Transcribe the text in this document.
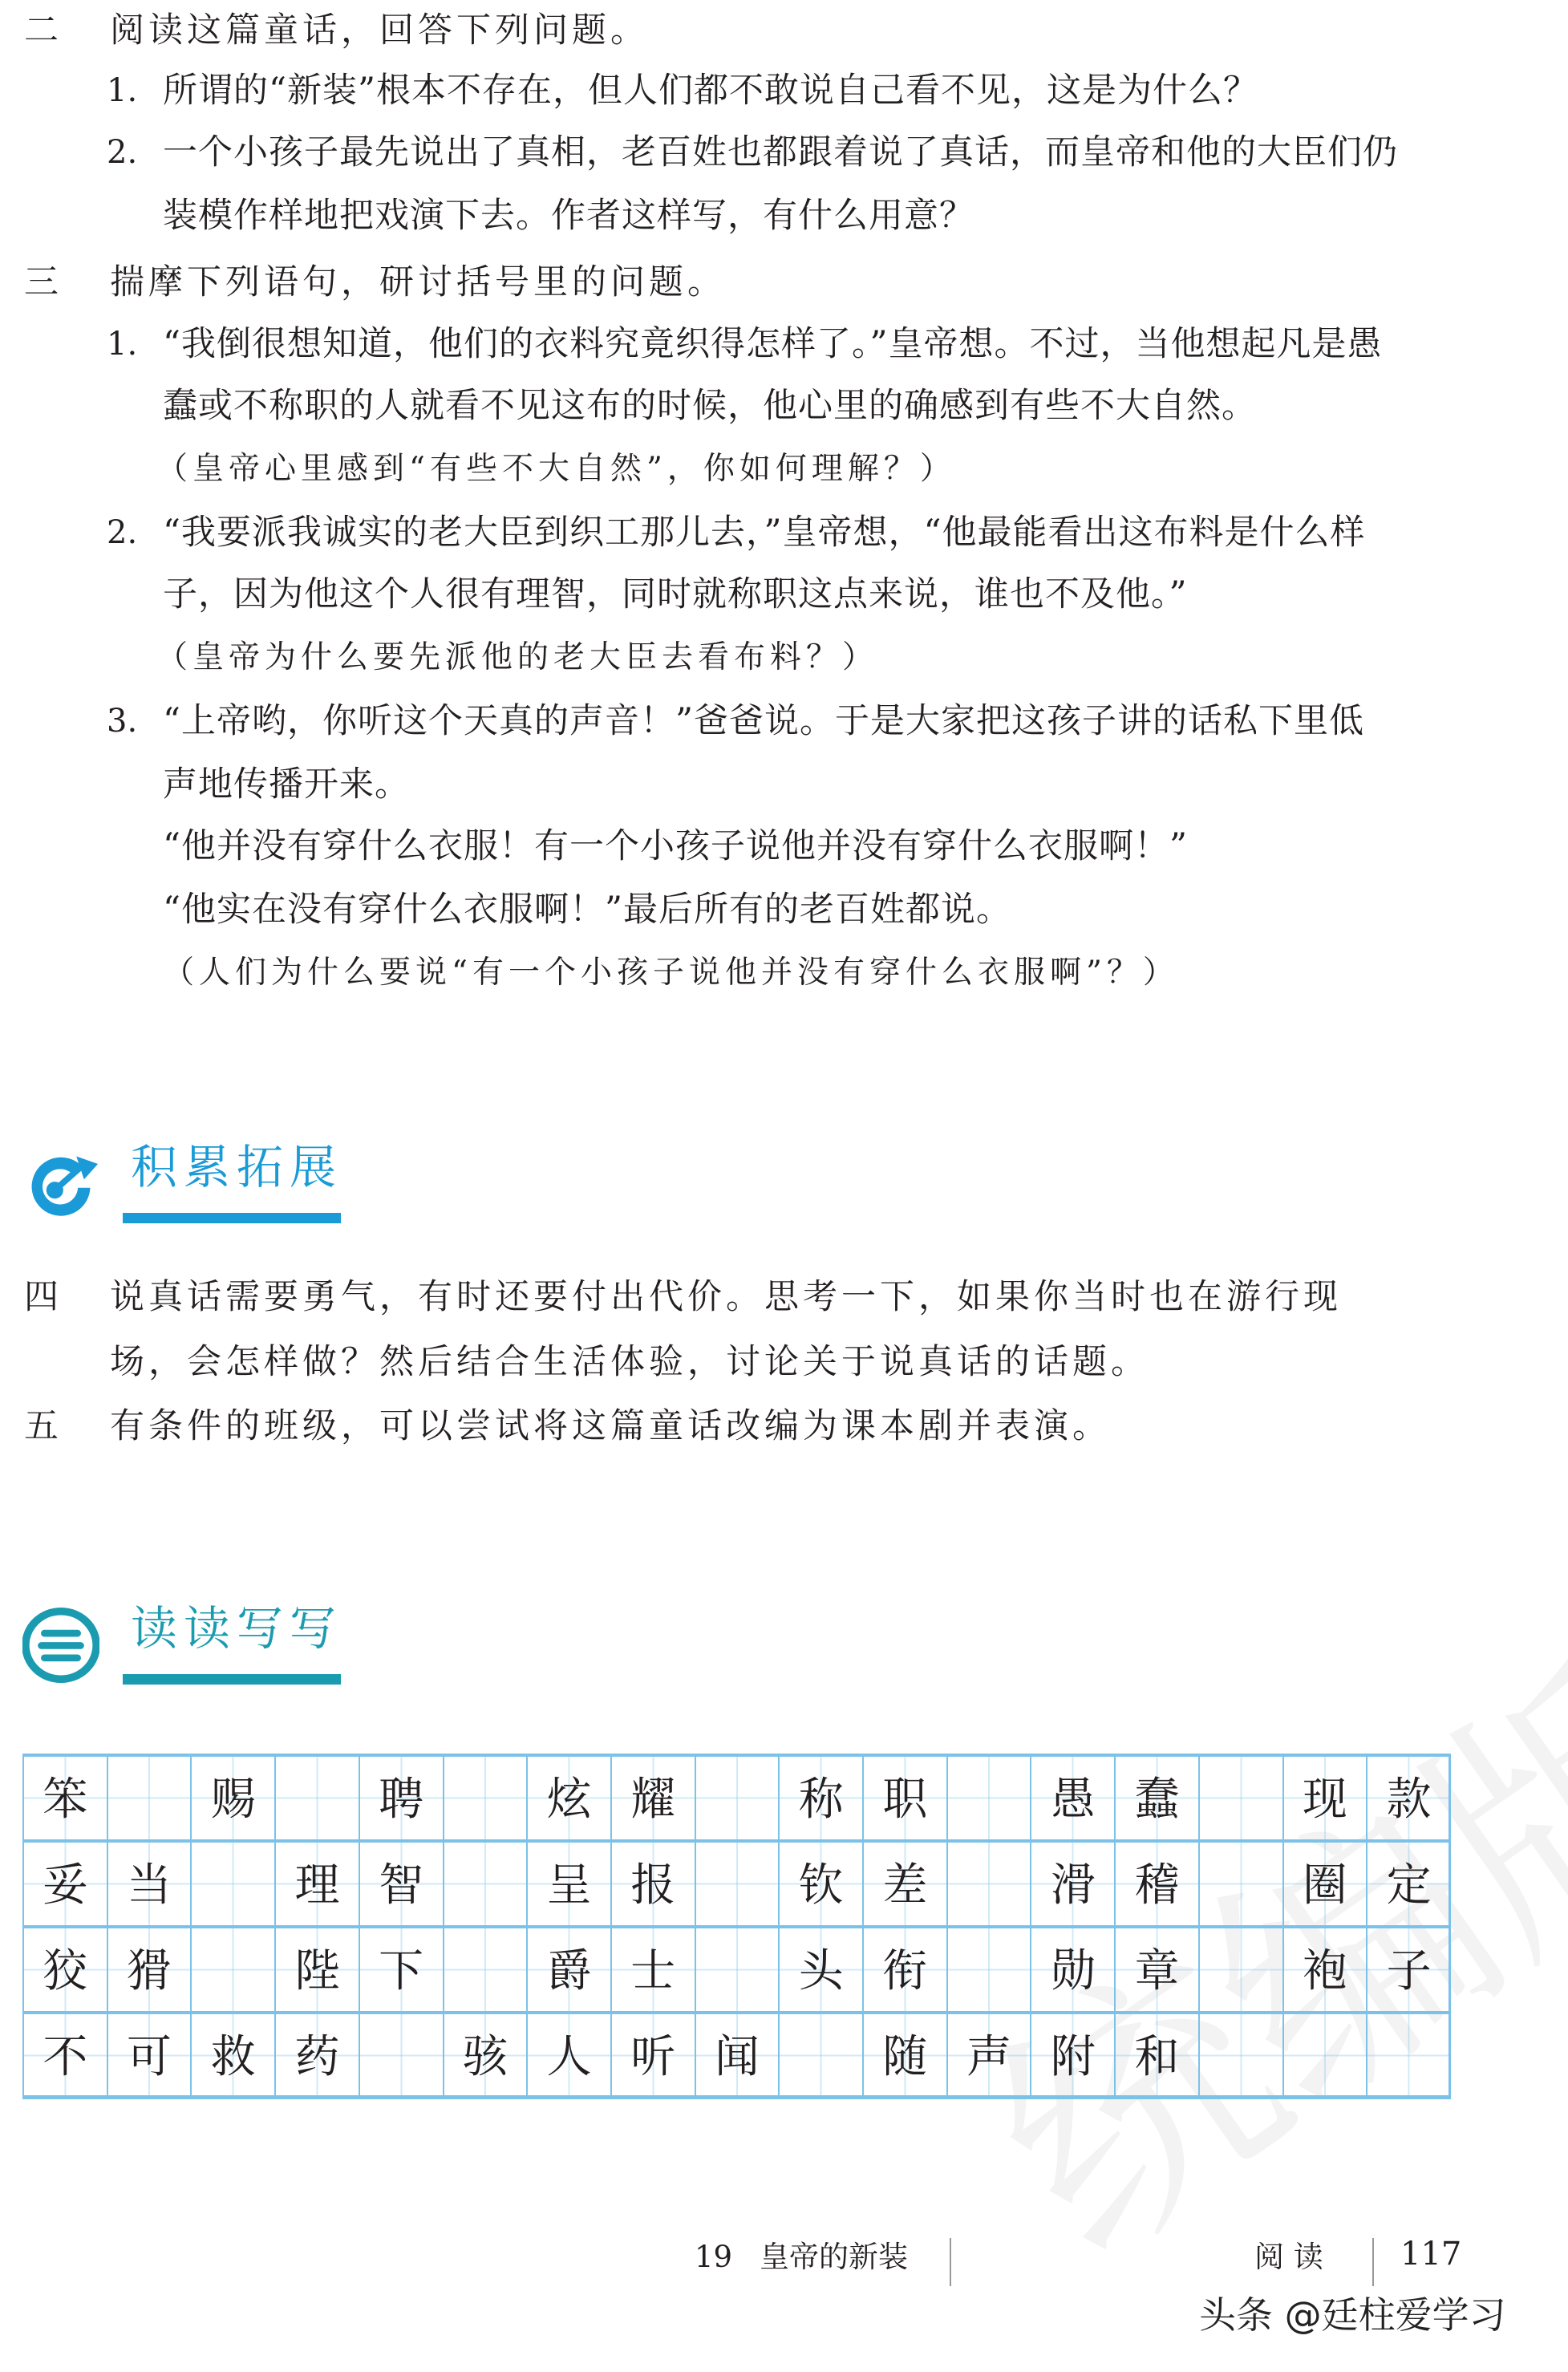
二 阅读这篇童话，回答下列问题。
1. 所谓的“新装”根本不存在，但人们都不敢说自己看不见，这是为什么？
2. 一个小孩子最先说出了真相，老百姓也都跟着说了真话，而皇帝和他的大臣们仍
装模作样地把戏演下去。作者这样写，有什么用意？
三 揣摩下列语句，研讨括号里的问题。
1. “我倒很想知道，他们的衣料究竟织得怎样了。”皇帝想。不过，当他想起凡是愚
蠢或不称职的人就看不见这布的时候，他心里的确感到有些不大自然。
（皇帝心里感到“有些不大自然”，你如何理解？）
2. “我要派我诚实的老大臣到织工那儿去，”皇帝想，“他最能看出这布料是什么样
子，因为他这个人很有理智，同时就称职这点来说，谁也不及他。”
（皇帝为什么要先派他的老大臣去看布料？）
3. “上帝哟，你听这个天真的声音！”爸爸说。于是大家把这孩子讲的话私下里低
声地传播开来。
“他并没有穿什么衣服！有一个小孩子说他并没有穿什么衣服啊！”
“他实在没有穿什么衣服啊！”最后所有的老百姓都说。
（人们为什么要说“有一个小孩子说他并没有穿什么衣服啊”？）
积累拓展
四 说真话需要勇气，有时还要付出代价。思考一下，如果你当时也在游行现
场，会怎样做？然后结合生活体验，讨论关于说真话的话题。
五 有条件的班级，可以尝试将这篇童话改编为课本剧并表演。
读读写写
笨	赐	聘	炫 耀	称 职	愚 蠢	现 款
妥 当	理 智	呈 报	钦 差	滑 稽	圈 定
狡 猾	陛 下	爵 士	头 衔	勋 章	袍 子
不 可 救 药	骇 人 听 闻	随 声 附 和
19 皇帝的新装	阅 读 117
头条 @廷柱爱学习
